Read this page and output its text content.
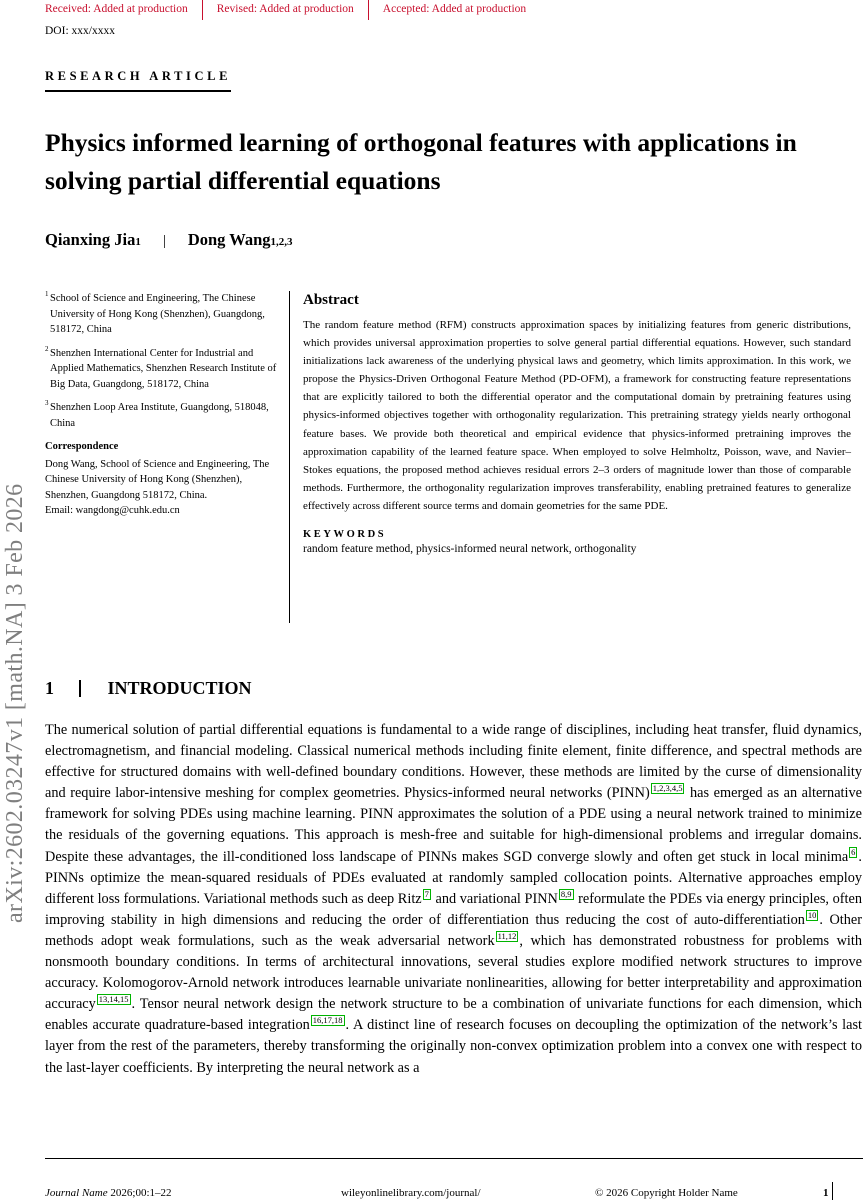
Received: Added at production	Revised: Added at production	Accepted: Added at production
DOI: xxx/xxxx
RESEARCH ARTICLE
Physics informed learning of orthogonal features with applications in solving partial differential equations
Qianxing Jia 1 | Dong Wang 1,2,3
arXiv:2602.03247v1 [math.NA] 3 Feb 2026
1 School of Science and Engineering, The Chinese University of Hong Kong (Shenzhen), Guangdong, 518172, China
2 Shenzhen International Center for Industrial and Applied Mathematics, Shenzhen Research Institute of Big Data, Guangdong, 518172, China
3 Shenzhen Loop Area Institute, Guangdong, 518048, China
Correspondence
Dong Wang, School of Science and Engineering, The Chinese University of Hong Kong (Shenzhen), Shenzhen, Guangdong 518172, China.
Email: wangdong@cuhk.edu.cn
Abstract
The random feature method (RFM) constructs approximation spaces by initializing features from generic distributions, which provides universal approximation properties to solve general partial differential equations. However, such standard initializations lack awareness of the underlying physical laws and geometry, which limits approximation. In this work, we propose the Physics-Driven Orthogonal Feature Method (PD-OFM), a framework for constructing feature representations that are explicitly tailored to both the differential operator and the computational domain by pretraining features using physics-informed objectives together with orthogonality regularization. This pretraining strategy yields nearly orthogonal feature bases. We provide both theoretical and empirical evidence that physics-informed pretraining improves the approximation capability of the learned feature space. When employed to solve Helmholtz, Poisson, wave, and Navier–Stokes equations, the proposed method achieves residual errors 2–3 orders of magnitude lower than those of comparable methods. Furthermore, the orthogonality regularization improves transferability, enabling pretrained features to generalize effectively across different source terms and domain geometries for the same PDE.
KEYWORDS
random feature method, physics-informed neural network, orthogonality
1	INTRODUCTION
The numerical solution of partial differential equations is fundamental to a wide range of disciplines, including heat transfer, fluid dynamics, electromagnetism, and financial modeling. Classical numerical methods including finite element, finite difference, and spectral methods are effective for structured domains with well-defined boundary conditions. However, these methods are limited by the curse of dimensionality and require labor-intensive meshing for complex geometries. Physics-informed neural networks (PINN) 1,2,3,4,5 has emerged as an alternative framework for solving PDEs using machine learning. PINN approximates the solution of a PDE using a neural network trained to minimize the residuals of the governing equations. This approach is mesh-free and suitable for high-dimensional problems and irregular domains. Despite these advantages, the ill-conditioned loss landscape of PINNs makes SGD converge slowly and often get stuck in local minima 6 . PINNs optimize the mean-squared residuals of PDEs evaluated at randomly sampled collocation points. Alternative approaches employ different loss formulations. Variational methods such as deep Ritz 7 and variational PINN 8,9 reformulate the PDEs via energy principles, often improving stability in high dimensions and reducing the order of differentiation thus reducing the cost of auto-differentiation 10 . Other methods adopt weak formulations, such as the weak adversarial network 11,12 , which has demonstrated robustness for problems with nonsmooth boundary conditions. In terms of architectural innovations, several studies explore modified network structures to improve accuracy. Kolomogorov-Arnold network introduces learnable univariate nonlinearities, allowing for better interpretability and approximation accuracy 13,14,15 . Tensor neural network design the network structure to be a combination of univariate functions for each dimension, which enables accurate quadrature-based integration 16,17,18 . A distinct line of research focuses on decoupling the optimization of the network’s last layer from the rest of the parameters, thereby transforming the originally non-convex optimization problem into a convex one with respect to the last-layer coefficients. By interpreting the neural network as a
Journal Name 2026;00:1–22	wileyonlinelibrary.com/journal/	© 2026 Copyright Holder Name	1
